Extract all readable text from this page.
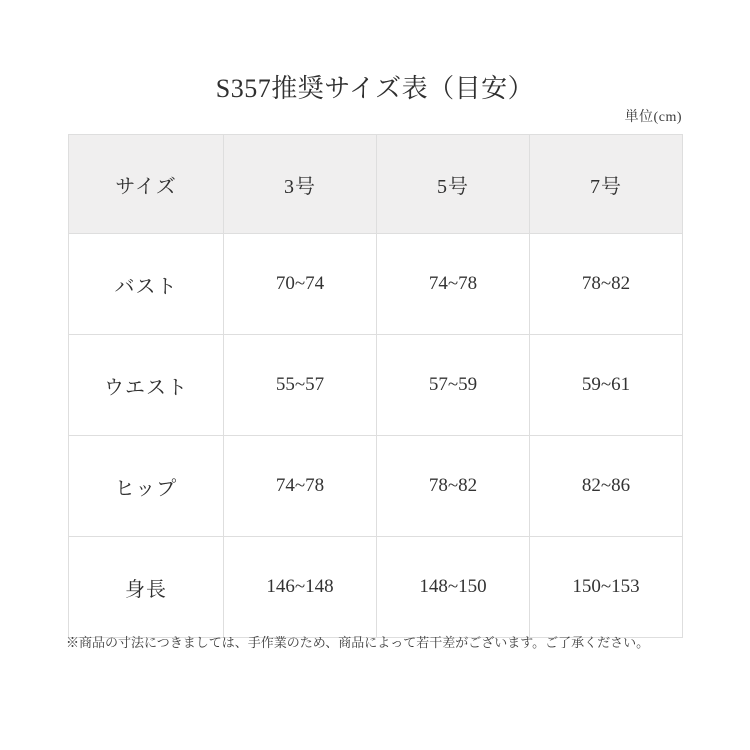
S357推奨サイズ表（目安）
単位(cm)
サイズ	3号	5号	7号
バスト	70~74	74~78	78~82
ウエスト	55~57	57~59	59~61
ヒップ	74~78	78~82	82~86
身長	146~148	148~150	150~153
※商品の寸法につきましては、手作業のため、商品によって若干差がございます。ご了承ください。
